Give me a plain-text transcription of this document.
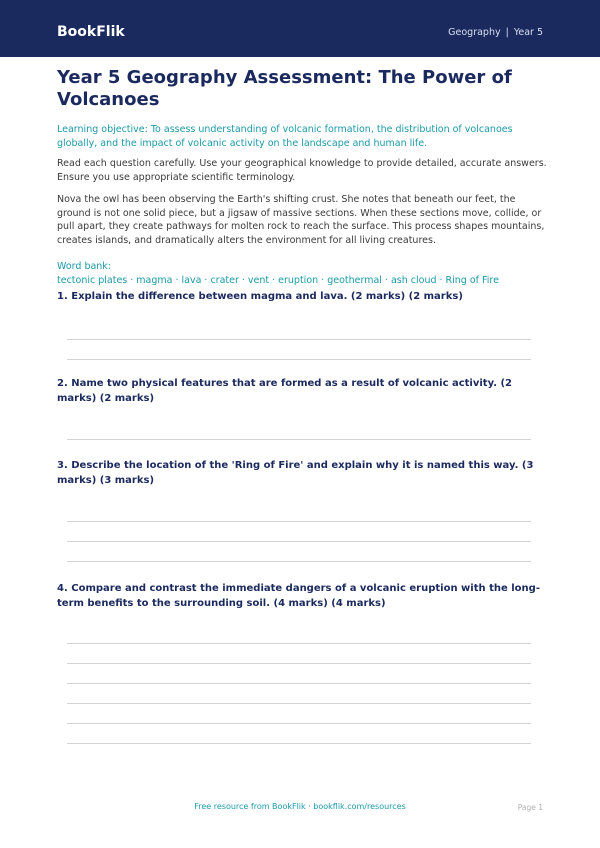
BookFlik	Geography | Year 5
Year 5 Geography Assessment: The Power of Volcanoes

Learning objective: To assess understanding of volcanic formation, the distribution of volcanoes globally, and the impact of volcanic activity on the landscape and human life.

Read each question carefully. Use your geographical knowledge to provide detailed, accurate answers. Ensure you use appropriate scientific terminology.

Nova the owl has been observing the Earth's shifting crust. She notes that beneath our feet, the ground is not one solid piece, but a jigsaw of massive sections. When these sections move, collide, or pull apart, they create pathways for molten rock to reach the surface. This process shapes mountains, creates islands, and dramatically alters the environment for all living creatures.

Word bank: tectonic plates · magma · lava · crater · vent · eruption · geothermal · ash cloud · Ring of Fire

1. Explain the difference between magma and lava. (2 marks) (2 marks)

2. Name two physical features that are formed as a result of volcanic activity. (2 marks) (2 marks)

3. Describe the location of the 'Ring of Fire' and explain why it is named this way. (3 marks) (3 marks)

4. Compare and contrast the immediate dangers of a volcanic eruption with the long-term benefits to the surrounding soil. (4 marks) (4 marks)

Free resource from BookFlik · bookflik.com/resources	Page 1
